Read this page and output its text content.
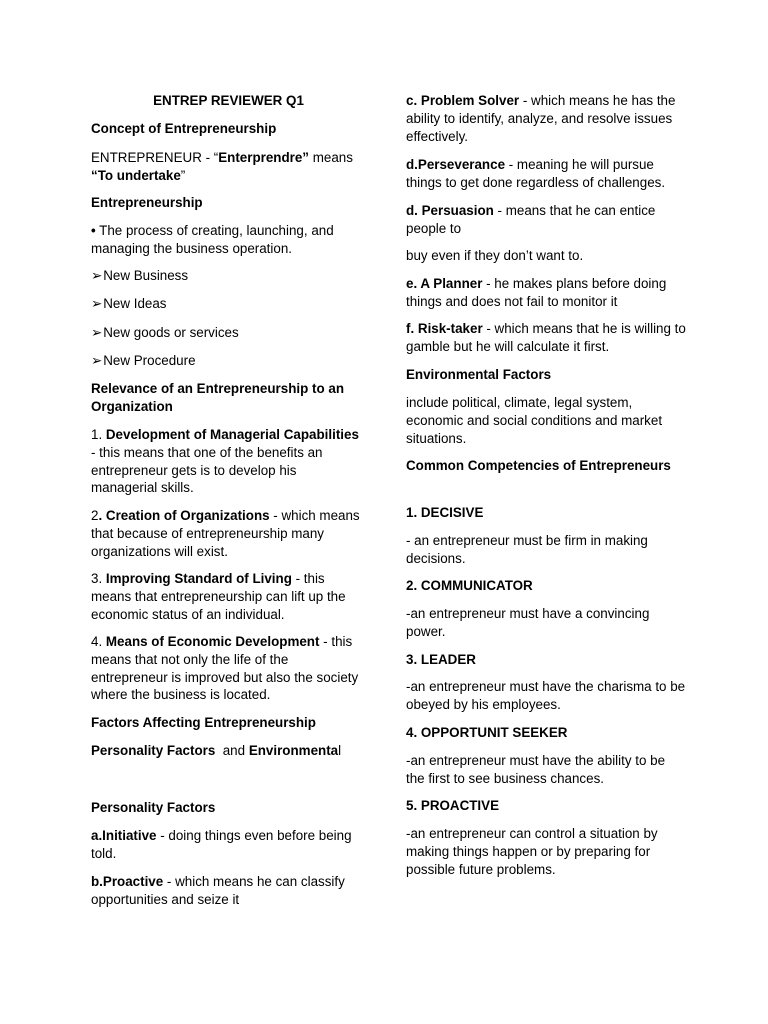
ENTREP REVIEWER Q1

Concept of Entrepreneurship

ENTREPRENEUR - “Enterprendre” means
“To undertake”

Entrepreneurship

• The process of creating, launching, and managing the business operation.

➢New Business

➢New Ideas

➢New goods or services

➢New Procedure

Relevance of an Entrepreneurship to an Organization

1. Development of Managerial Capabilities - this means that one of the benefits an entrepreneur gets is to develop his managerial skills.

2. Creation of Organizations - which means that because of entrepreneurship many organizations will exist.

3. Improving Standard of Living - this means that entrepreneurship can lift up the economic status of an individual.

4. Means of Economic Development - this means that not only the life of the entrepreneur is improved but also the society where the business is located.

Factors Affecting Entrepreneurship

Personality Factors  and Environmental

Personality Factors

a.Initiative - doing things even before being told.

b.Proactive - which means he can classify opportunities and seize it

c. Problem Solver - which means he has the ability to identify, analyze, and resolve issues effectively.

d.Perseverance - meaning he will pursue things to get done regardless of challenges.

d. Persuasion - means that he can entice people to

buy even if they don’t want to.

e. A Planner - he makes plans before doing things and does not fail to monitor it

f. Risk-taker - which means that he is willing to gamble but he will calculate it first.

Environmental Factors

include political, climate, legal system, economic and social conditions and market situations.

Common Competencies of Entrepreneurs

1. DECISIVE

- an entrepreneur must be firm in making decisions.

2. COMMUNICATOR

-an entrepreneur must have a convincing power.

3. LEADER

-an entrepreneur must have the charisma to be obeyed by his employees.

4. OPPORTUNIT SEEKER

-an entrepreneur must have the ability to be the first to see business chances.

5. PROACTIVE

-an entrepreneur can control a situation by making things happen or by preparing for possible future problems.
